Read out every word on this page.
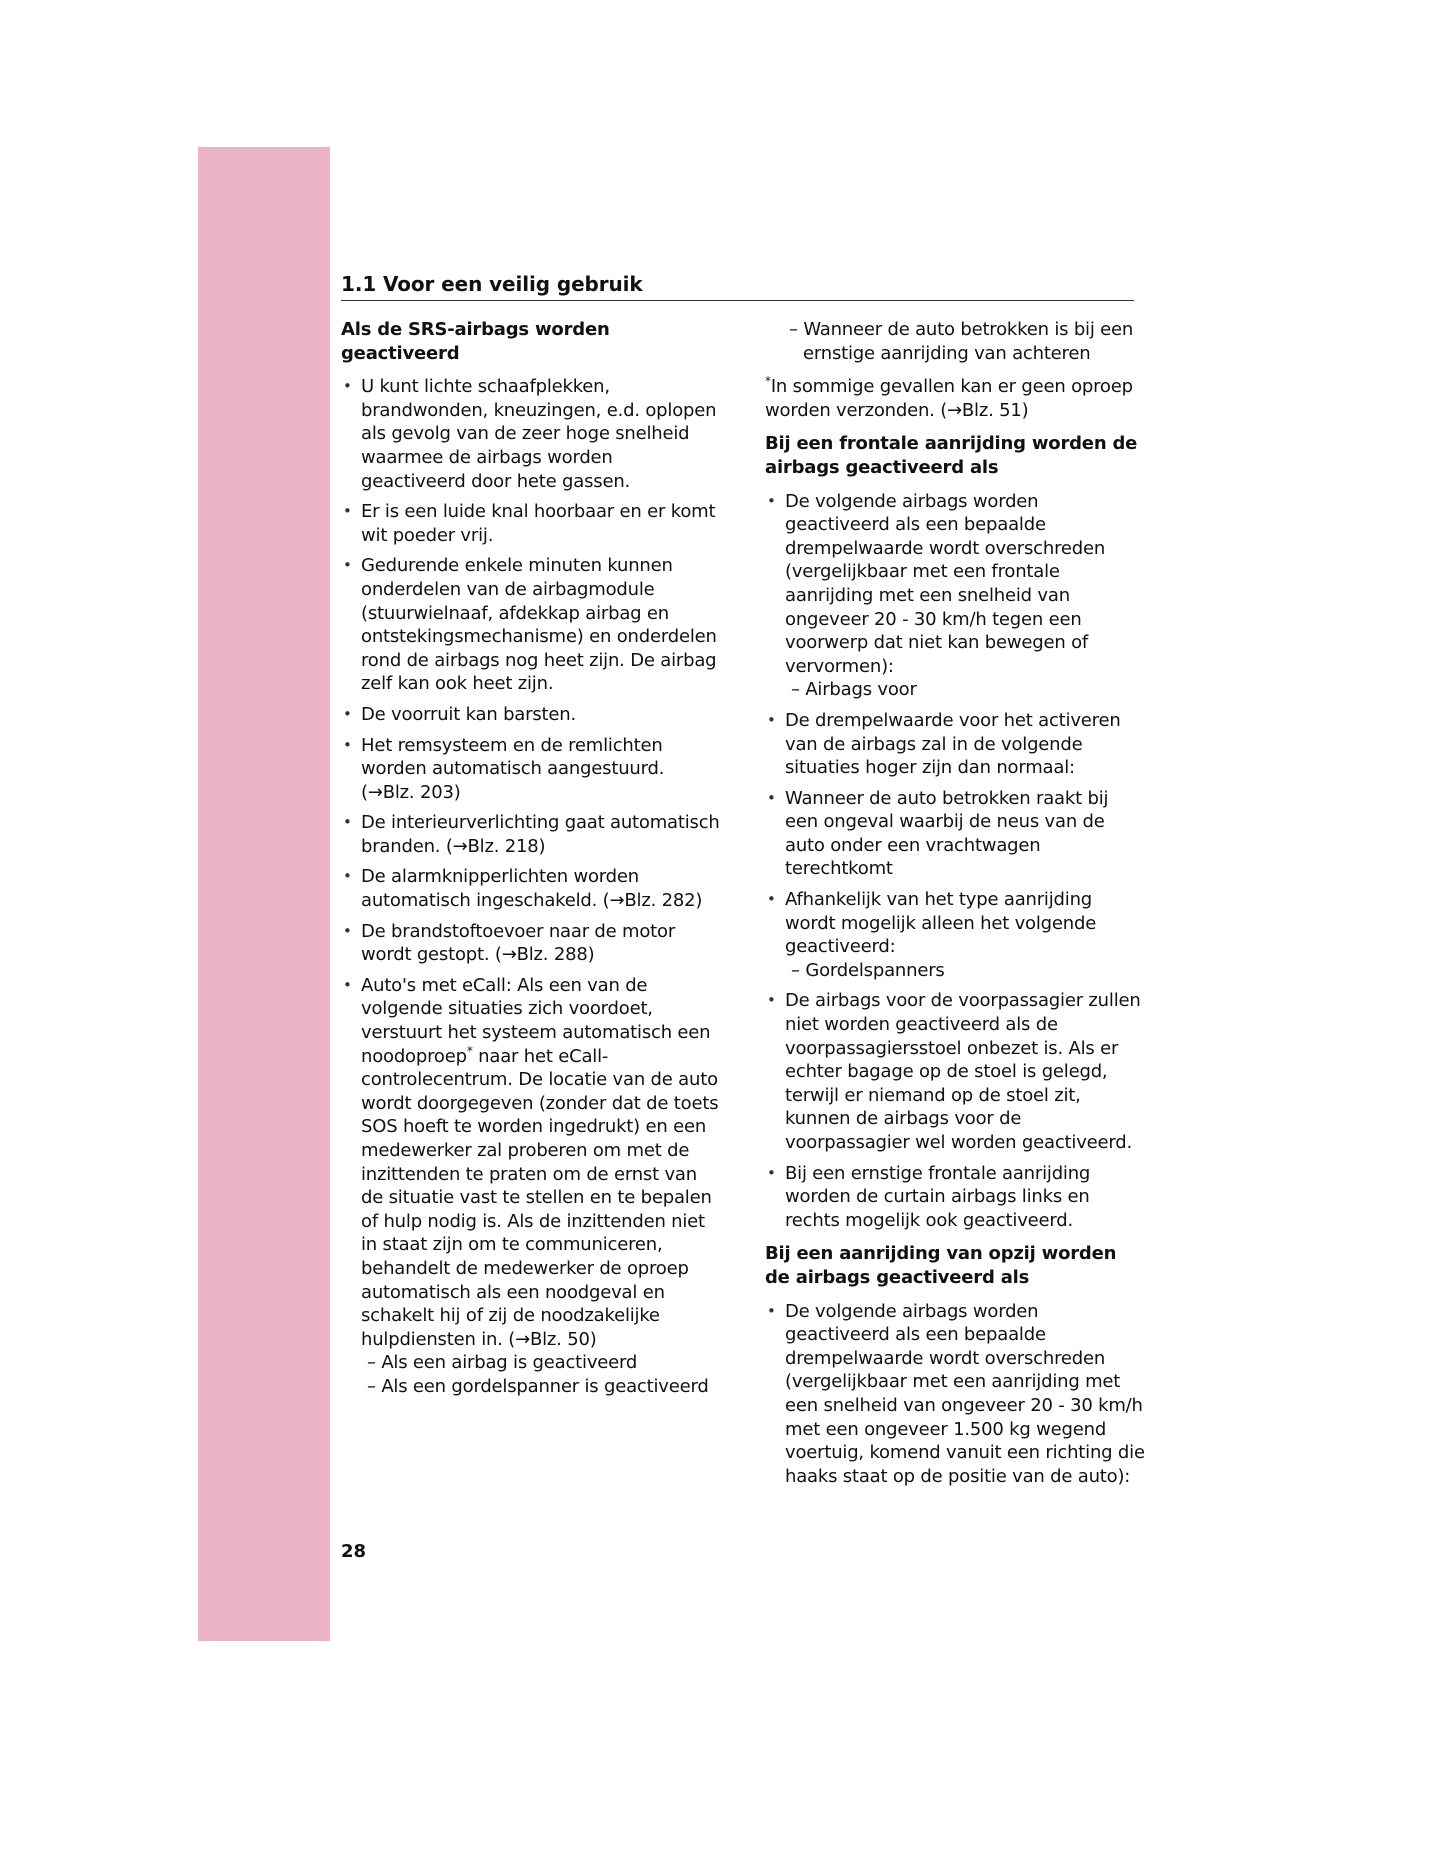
1.1 Voor een veilig gebruik
Als de SRS-airbags worden geactiveerd
• U kunt lichte schaafplekken, brandwonden, kneuzingen, e.d. oplopen als gevolg van de zeer hoge snelheid waarmee de airbags worden geactiveerd door hete gassen.
• Er is een luide knal hoorbaar en er komt wit poeder vrij.
• Gedurende enkele minuten kunnen onderdelen van de airbagmodule (stuurwielnaaf, afdekkap airbag en ontstekingsmechanisme) en onderdelen rond de airbags nog heet zijn. De airbag zelf kan ook heet zijn.
• De voorruit kan barsten.
• Het remsysteem en de remlichten worden automatisch aangestuurd. (→Blz. 203)
• De interieurverlichting gaat automatisch branden. (→Blz. 218)
• De alarmknipperlichten worden automatisch ingeschakeld. (→Blz. 282)
• De brandstoftoevoer naar de motor wordt gestopt. (→Blz. 288)
• Auto's met eCall: Als een van de volgende situaties zich voordoet, verstuurt het systeem automatisch een noodoproep* naar het eCall-controlecentrum. De locatie van de auto wordt doorgegeven (zonder dat de toets SOS hoeft te worden ingedrukt) en een medewerker zal proberen om met de inzittenden te praten om de ernst van de situatie vast te stellen en te bepalen of hulp nodig is. Als de inzittenden niet in staat zijn om te communiceren, behandelt de medewerker de oproep automatisch als een noodgeval en schakelt hij of zij de noodzakelijke hulpdiensten in. (→Blz. 50)
– Als een airbag is geactiveerd
– Als een gordelspanner is geactiveerd
– Wanneer de auto betrokken is bij een ernstige aanrijding van achteren
*In sommige gevallen kan er geen oproep worden verzonden. (→Blz. 51)
Bij een frontale aanrijding worden de airbags geactiveerd als
• De volgende airbags worden geactiveerd als een bepaalde drempelwaarde wordt overschreden (vergelijkbaar met een frontale aanrijding met een snelheid van ongeveer 20 - 30 km/h tegen een voorwerp dat niet kan bewegen of vervormen):
– Airbags voor
• De drempelwaarde voor het activeren van de airbags zal in de volgende situaties hoger zijn dan normaal:
• Wanneer de auto betrokken raakt bij een ongeval waarbij de neus van de auto onder een vrachtwagen terechtkomt
• Afhankelijk van het type aanrijding wordt mogelijk alleen het volgende geactiveerd:
– Gordelspanners
• De airbags voor de voorpassagier zullen niet worden geactiveerd als de voorpassagiersstoel onbezet is. Als er echter bagage op de stoel is gelegd, terwijl er niemand op de stoel zit, kunnen de airbags voor de voorpassagier wel worden geactiveerd.
• Bij een ernstige frontale aanrijding worden de curtain airbags links en rechts mogelijk ook geactiveerd.
Bij een aanrijding van opzij worden de airbags geactiveerd als
• De volgende airbags worden geactiveerd als een bepaalde drempelwaarde wordt overschreden (vergelijkbaar met een aanrijding met een snelheid van ongeveer 20 - 30 km/h met een ongeveer 1.500 kg wegend voertuig, komend vanuit een richting die haaks staat op de positie van de auto):
28
